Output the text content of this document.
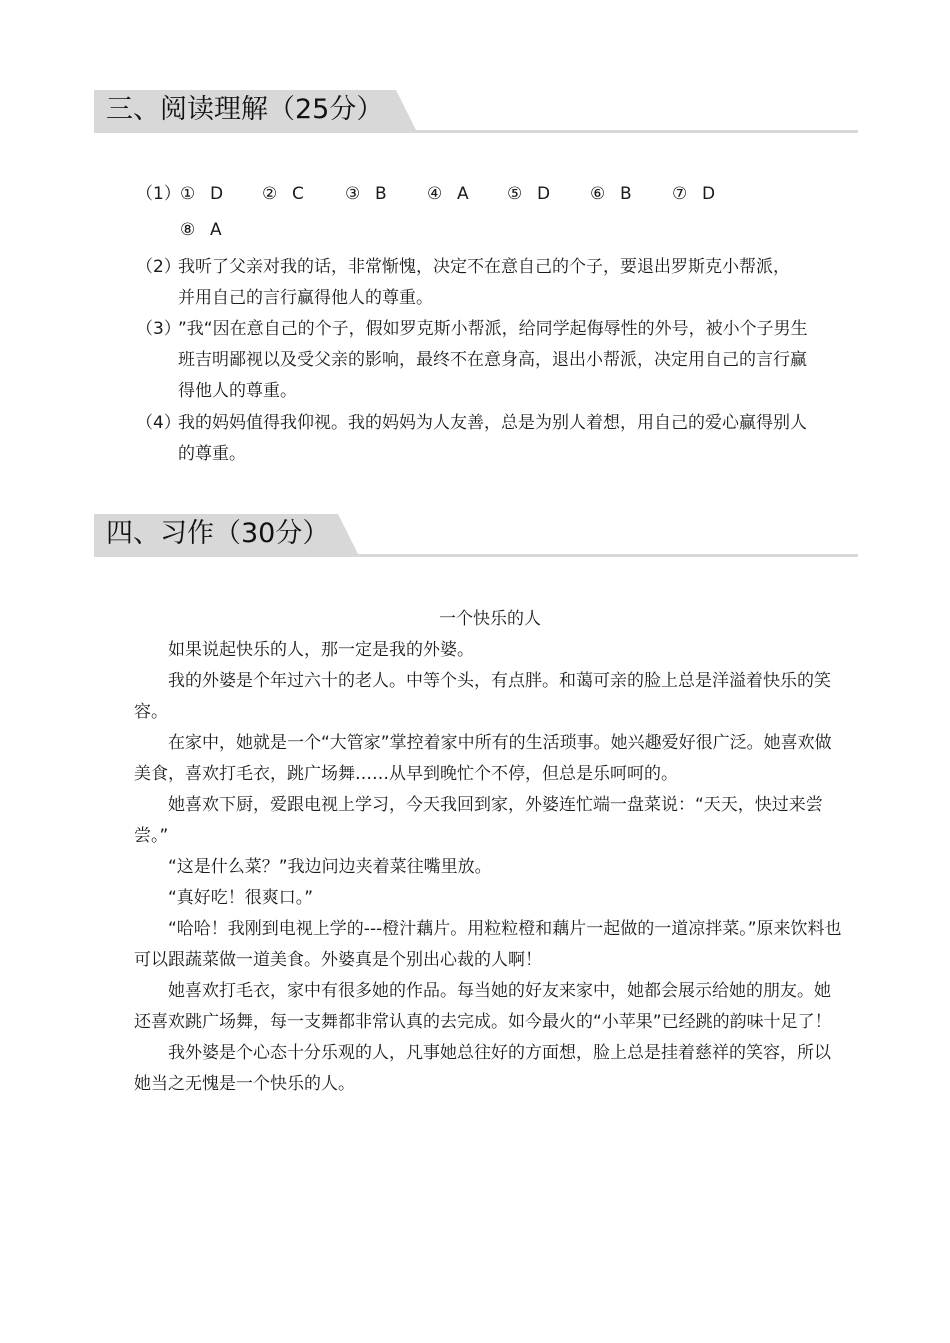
三、阅读理解（25分）
（1） ① D ② C ③ B ④ A ⑤ D ⑥ B ⑦ D
⑧ A
（2）
我听了父亲对我的话，非常惭愧，决定不在意自己的个子，要退出罗斯克小帮派，并用自己的言行赢得他人的尊重。
（3）
”我“因在意自己的个子，假如罗克斯小帮派，给同学起侮辱性的外号，被小个子男生班吉明鄙视以及受父亲的影响，最终不在意身高，退出小帮派，决定用自己的言行赢得他人的尊重。
（4）
我的妈妈值得我仰视。我的妈妈为人友善，总是为别人着想，用自己的爱心赢得别人的尊重。
四、习作（30分）
一个快乐的人

如果说起快乐的人，那一定是我的外婆。

我的外婆是个年过六十的老人。中等个头，有点胖。和蔼可亲的脸上总是洋溢着快乐的笑容。

在家中，她就是一个“大管家”掌控着家中所有的生活琐事。她兴趣爱好很广泛。她喜欢做美食，喜欢打毛衣，跳广场舞……从早到晚忙个不停，但总是乐呵呵的。

她喜欢下厨，爱跟电视上学习，今天我回到家，外婆连忙端一盘菜说：“天天，快过来尝尝。”

“这是什么菜？”我边问边夹着菜往嘴里放。

“真好吃！很爽口。”

“哈哈！我刚到电视上学的---橙汁藕片。用粒粒橙和藕片一起做的一道凉拌菜。”原来饮料也可以跟蔬菜做一道美食。外婆真是个别出心裁的人啊！

她喜欢打毛衣，家中有很多她的作品。每当她的好友来家中，她都会展示给她的朋友。她还喜欢跳广场舞，每一支舞都非常认真的去完成。如今最火的“小苹果”已经跳的韵味十足了！

我外婆是个心态十分乐观的人，凡事她总往好的方面想，脸上总是挂着慈祥的笑容，所以她当之无愧是一个快乐的人。
